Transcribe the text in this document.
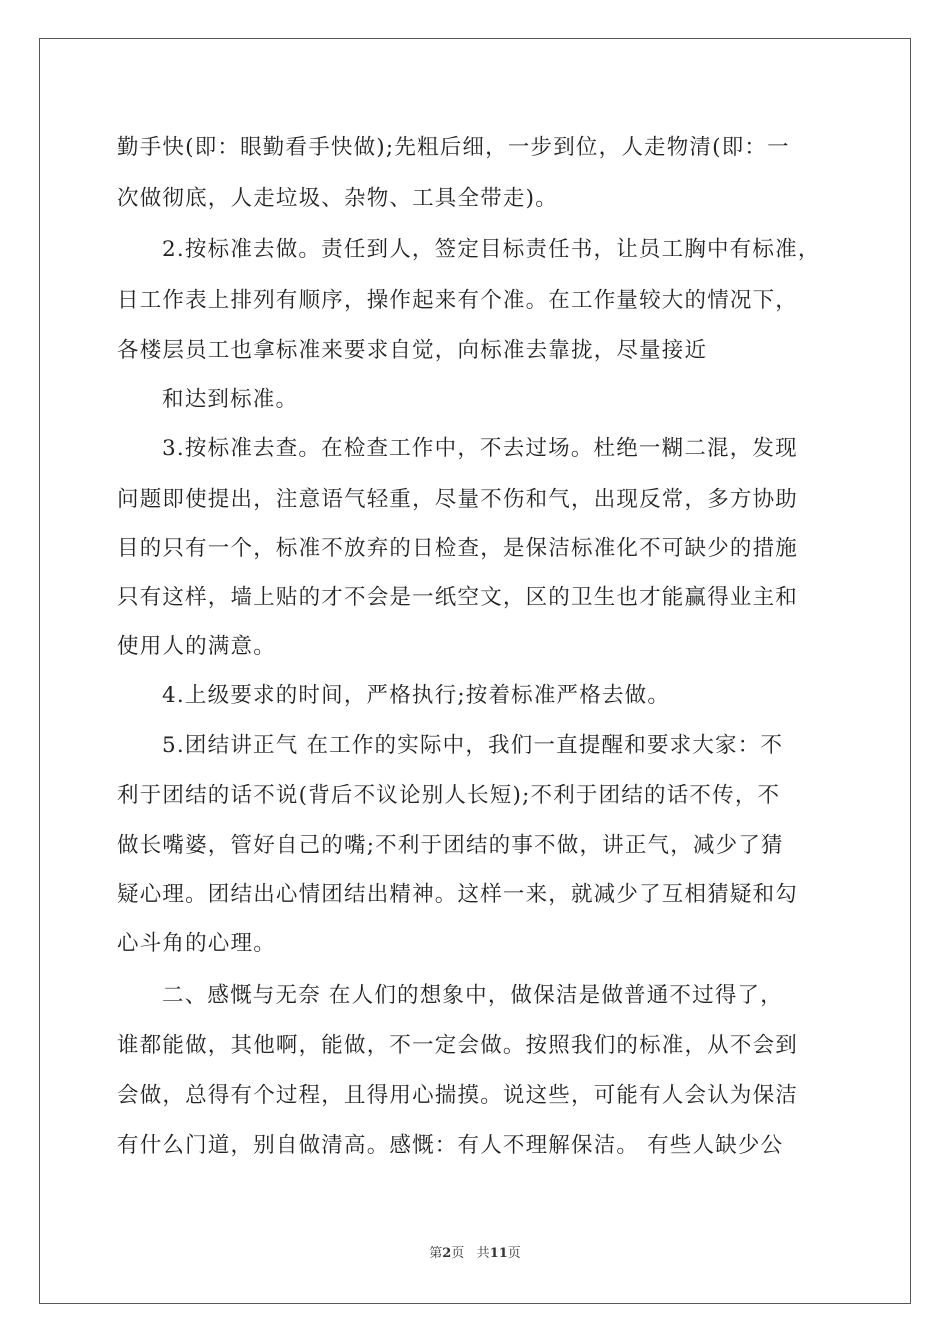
勤手快(即：眼勤看手快做);先粗后细，一步到位，人走物清(即：一
次做彻底，人走垃圾、杂物、工具全带走)。
2.按标准去做。责任到人，签定目标责任书，让员工胸中有标准，
日工作表上排列有顺序，操作起来有个准。在工作量较大的情况下，
各楼层员工也拿标准来要求自觉，向标准去靠拢，尽量接近
和达到标准。
3.按标准去查。在检查工作中，不去过场。杜绝一糊二混，发现
问题即使提出，注意语气轻重，尽量不伤和气，出现反常，多方协助
目的只有一个，标准不放弃的日检查，是保洁标准化不可缺少的措施
只有这样，墙上贴的才不会是一纸空文，区的卫生也才能赢得业主和
使用人的满意。
4.上级要求的时间，严格执行;按着标准严格去做。
5.团结讲正气 在工作的实际中，我们一直提醒和要求大家：不
利于团结的话不说(背后不议论别人长短);不利于团结的话不传，不
做长嘴婆，管好自己的嘴;不利于团结的事不做，讲正气，减少了猜
疑心理。团结出心情团结出精神。这样一来，就减少了互相猜疑和勾
心斗角的心理。
二、感慨与无奈 在人们的想象中，做保洁是做普通不过得了，
谁都能做，其他啊，能做，不一定会做。按照我们的标准，从不会到
会做，总得有个过程，且得用心揣摸。说这些，可能有人会认为保洁
有什么门道，别自做清高。感慨：有人不理解保洁。 有些人缺少公
第2页 共11页
